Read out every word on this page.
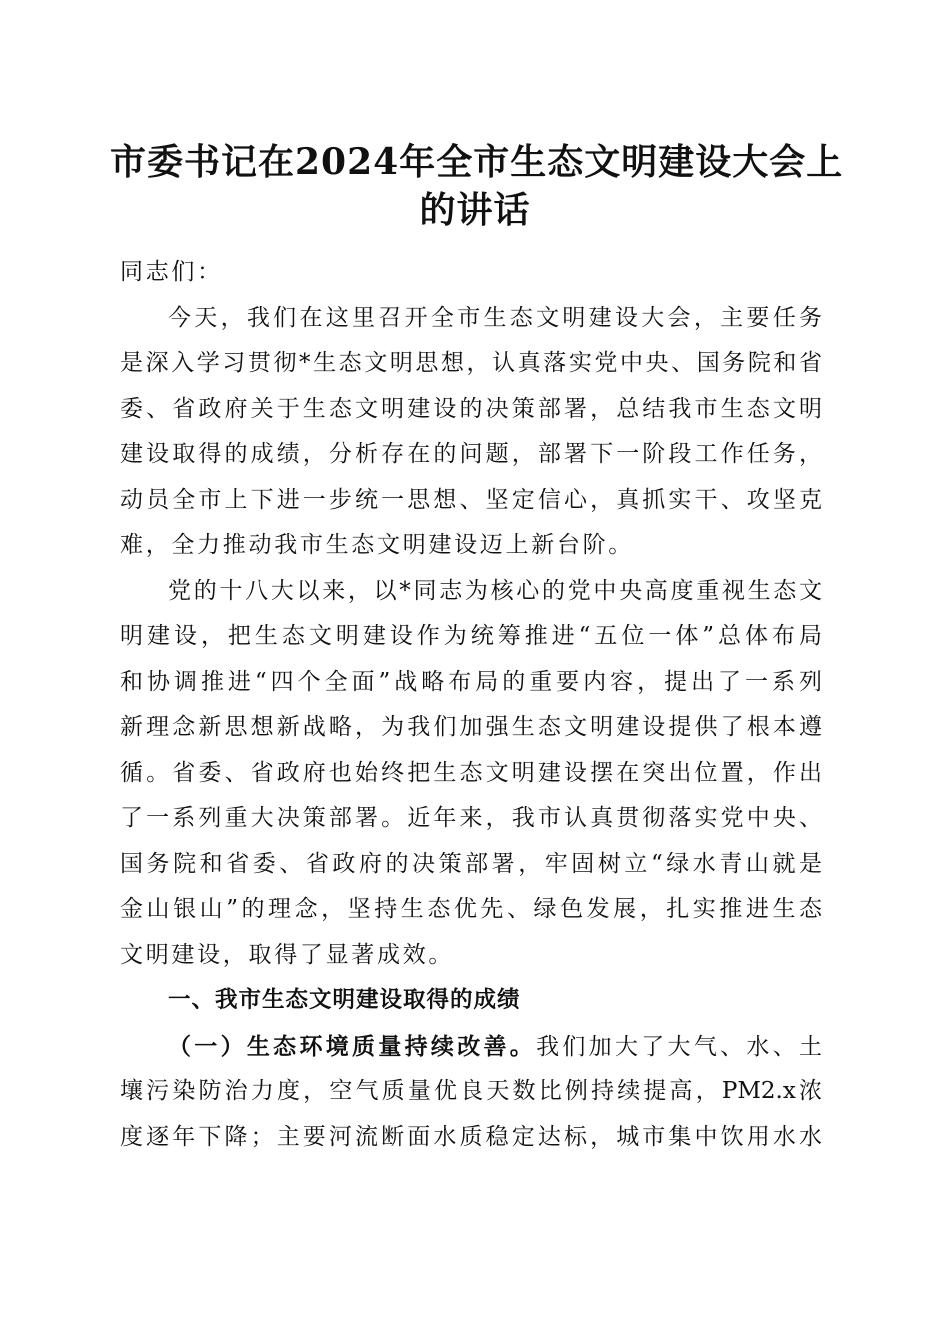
市委书记在2024年全市生态文明建设大会上
的讲话
同志们：
今天，我们在这里召开全市生态文明建设大会，主要任务
是深入学习贯彻*生态文明思想，认真落实党中央、国务院和省
委、省政府关于生态文明建设的决策部署，总结我市生态文明
建设取得的成绩，分析存在的问题，部署下一阶段工作任务，
动员全市上下进一步统一思想、坚定信心，真抓实干、攻坚克
难，全力推动我市生态文明建设迈上新台阶。
党的十八大以来，以*同志为核心的党中央高度重视生态文
明建设，把生态文明建设作为统筹推进“五位一体”总体布局
和协调推进“四个全面”战略布局的重要内容，提出了一系列
新理念新思想新战略，为我们加强生态文明建设提供了根本遵
循。省委、省政府也始终把生态文明建设摆在突出位置，作出
了一系列重大决策部署。近年来，我市认真贯彻落实党中央、
国务院和省委、省政府的决策部署，牢固树立“绿水青山就是
金山银山”的理念，坚持生态优先、绿色发展，扎实推进生态
文明建设，取得了显著成效。
一、我市生态文明建设取得的成绩
（一）生态环境质量持续改善。我们加大了大气、水、土
壤污染防治力度，空气质量优良天数比例持续提高，PM2.x浓
度逐年下降；主要河流断面水质稳定达标，城市集中饮用水水
